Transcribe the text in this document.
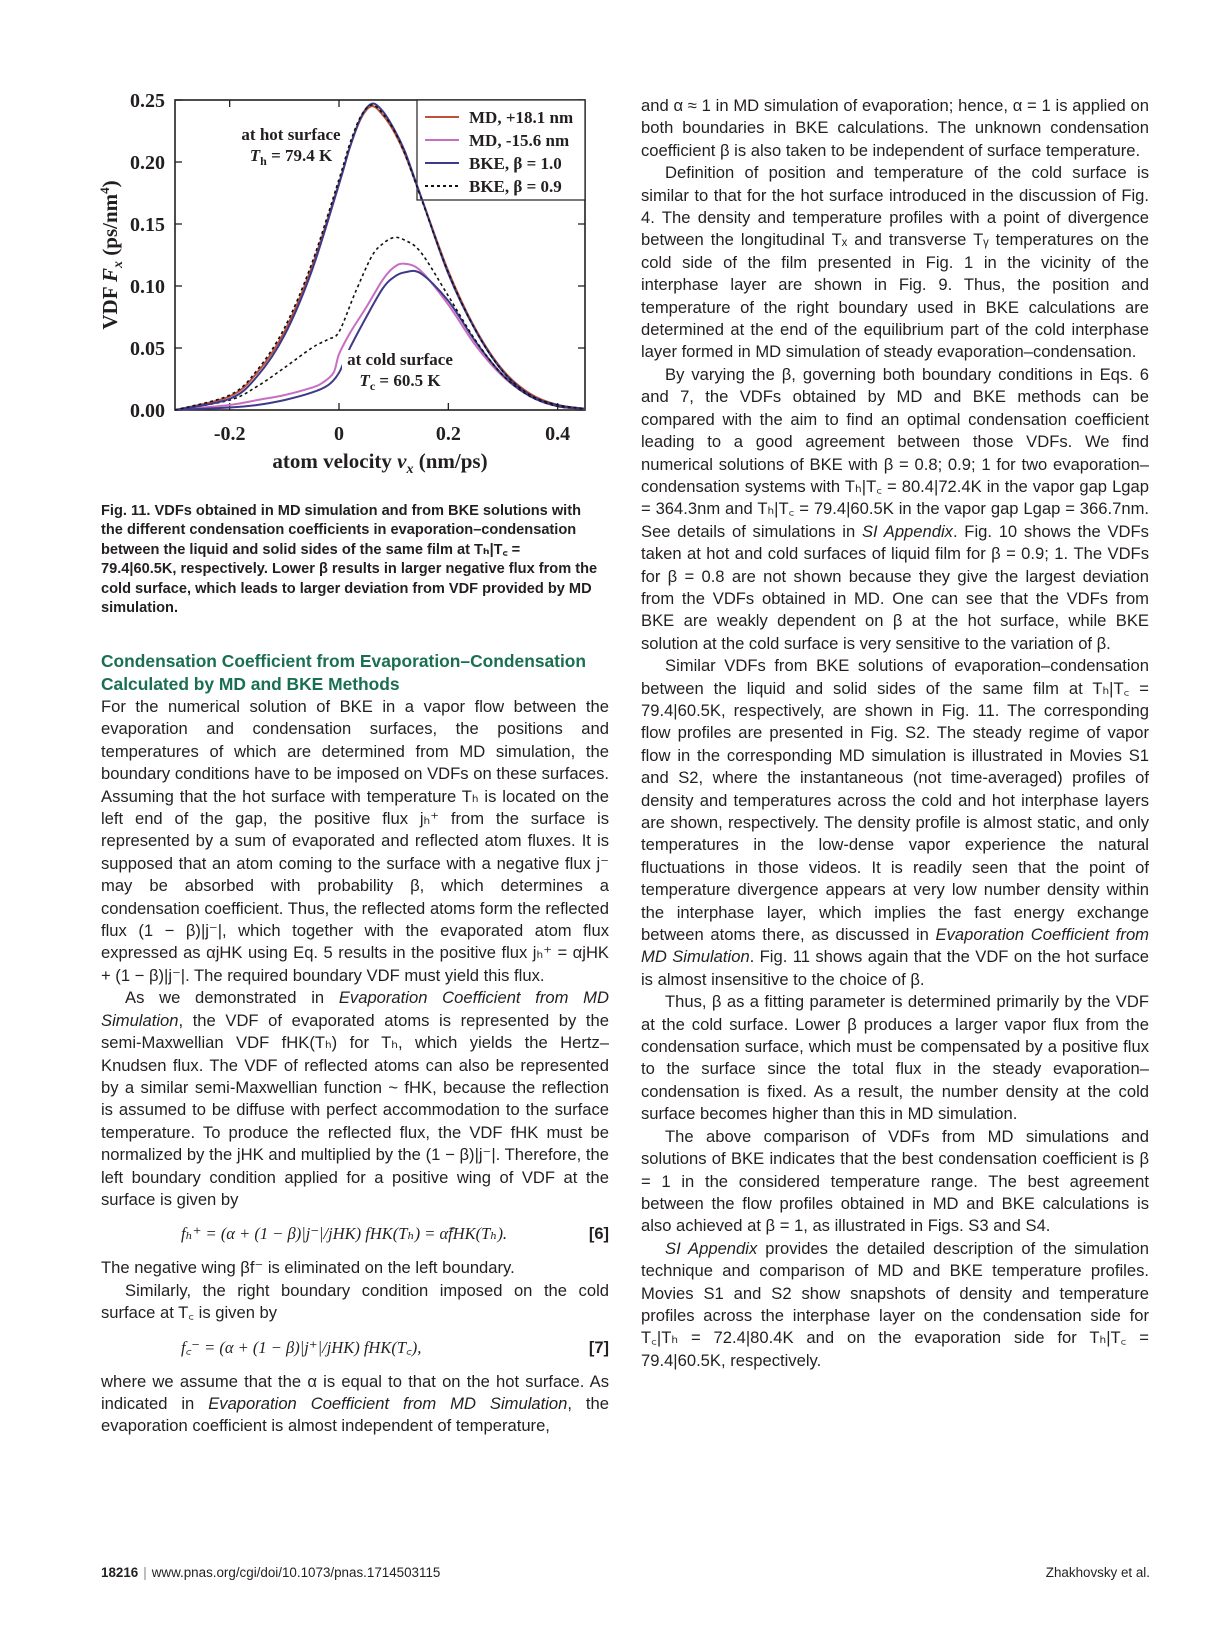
0.00
0.05
0.10
0.15
0.20
0.25
-0.2	0	0.2	0.4
atom velocity $v_x$ (nm/ps)
VDF $F_x$ $(ps/nm^4)$
MD, +18.1 nm
MD, -15.6 nm
BKE, β = 1.0
BKE, β = 0.9
at hot surface
$T_h = 79.4$ K
at cold surface
$T_c = 60.5$ K
Fig. 11. VDFs obtained in MD simulation and from BKE solutions with the different condensation coefficients in evaporation–condensation between the liquid and solid sides of the same film at Tₕ|T꜀ = 79.4|60.5K, respectively. Lower β results in larger negative flux from the cold surface, which leads to larger deviation from VDF provided by MD simulation.

Condensation Coefficient from Evaporation–Condensation Calculated by MD and BKE Methods

For the numerical solution of BKE in a vapor flow between the evaporation and condensation surfaces, the positions and temperatures of which are determined from MD simulation, the boundary conditions have to be imposed on VDFs on these surfaces. Assuming that the hot surface with temperature Tₕ is located on the left end of the gap, the positive flux jₕ⁺ from the surface is represented by a sum of evaporated and reflected atom fluxes. It is supposed that an atom coming to the surface with a negative flux j⁻ may be absorbed with probability β, which determines a condensation coefficient. Thus, the reflected atoms form the reflected flux (1 − β)|j⁻|, which together with the evaporated atom flux expressed as αjHK using Eq. 5 results in the positive flux jₕ⁺ = αjHK + (1 − β)|j⁻|. The required boundary VDF must yield this flux.

As we demonstrated in Evaporation Coefficient from MD Simulation, the VDF of evaporated atoms is represented by the semi-Maxwellian VDF fHK(Tₕ) for Tₕ, which yields the Hertz–Knudsen flux. The VDF of reflected atoms can also be represented by a similar semi-Maxwellian function ~ fHK, because the reflection is assumed to be diffuse with perfect accommodation to the surface temperature. To produce the reflected flux, the VDF fHK must be normalized by the jHK and multiplied by the (1 − β)|j⁻|. Therefore, the left boundary condition applied for a positive wing of VDF at the surface is given by

fₕ⁺ = (α + (1 − β)|j⁻|/jHK) fHK(Tₕ) = α̃fHK(Tₕ).	[6]

The negative wing βf⁻ is eliminated on the left boundary.

Similarly, the right boundary condition imposed on the cold surface at T꜀ is given by

f꜀⁻ = (α + (1 − β)|j⁺|/jHK) fHK(T꜀),	[7]

where we assume that the α is equal to that on the hot surface. As indicated in Evaporation Coefficient from MD Simulation, the evaporation coefficient is almost independent of temperature,

and α ≈ 1 in MD simulation of evaporation; hence, α = 1 is applied on both boundaries in BKE calculations. The unknown condensation coefficient β is also taken to be independent of surface temperature.

Definition of position and temperature of the cold surface is similar to that for the hot surface introduced in the discussion of Fig. 4. The density and temperature profiles with a point of divergence between the longitudinal Tₓ and transverse Tᵧ temperatures on the cold side of the film presented in Fig. 1 in the vicinity of the interphase layer are shown in Fig. 9. Thus, the position and temperature of the right boundary used in BKE calculations are determined at the end of the equilibrium part of the cold interphase layer formed in MD simulation of steady evaporation–condensation.

By varying the β, governing both boundary conditions in Eqs. 6 and 7, the VDFs obtained by MD and BKE methods can be compared with the aim to find an optimal condensation coefficient leading to a good agreement between those VDFs. We find numerical solutions of BKE with β = 0.8; 0.9; 1 for two evaporation–condensation systems with Tₕ|T꜀ = 80.4|72.4K in the vapor gap Lgap = 364.3nm and Tₕ|T꜀ = 79.4|60.5K in the vapor gap Lgap = 366.7nm. See details of simulations in SI Appendix. Fig. 10 shows the VDFs taken at hot and cold surfaces of liquid film for β = 0.9; 1. The VDFs for β = 0.8 are not shown because they give the largest deviation from the VDFs obtained in MD. One can see that the VDFs from BKE are weakly dependent on β at the hot surface, while BKE solution at the cold surface is very sensitive to the variation of β.

Similar VDFs from BKE solutions of evaporation–condensation between the liquid and solid sides of the same film at Tₕ|T꜀ = 79.4|60.5K, respectively, are shown in Fig. 11. The corresponding flow profiles are presented in Fig. S2. The steady regime of vapor flow in the corresponding MD simulation is illustrated in Movies S1 and S2, where the instantaneous (not time-averaged) profiles of density and temperatures across the cold and hot interphase layers are shown, respectively. The density profile is almost static, and only temperatures in the low-dense vapor experience the natural fluctuations in those videos. It is readily seen that the point of temperature divergence appears at very low number density within the interphase layer, which implies the fast energy exchange between atoms there, as discussed in Evaporation Coefficient from MD Simulation. Fig. 11 shows again that the VDF on the hot surface is almost insensitive to the choice of β.

Thus, β as a fitting parameter is determined primarily by the VDF at the cold surface. Lower β produces a larger vapor flux from the condensation surface, which must be compensated by a positive flux to the surface since the total flux in the steady evaporation–condensation is fixed. As a result, the number density at the cold surface becomes higher than this in MD simulation.

The above comparison of VDFs from MD simulations and solutions of BKE indicates that the best condensation coefficient is β = 1 in the considered temperature range. The best agreement between the flow profiles obtained in MD and BKE calculations is also achieved at β = 1, as illustrated in Figs. S3 and S4.

SI Appendix provides the detailed description of the simulation technique and comparison of MD and BKE temperature profiles. Movies S1 and S2 show snapshots of density and temperature profiles across the interphase layer on the condensation side for T꜀|Tₕ = 72.4|80.4K and on the evaporation side for Tₕ|T꜀ = 79.4|60.5K, respectively.

18216 | www.pnas.org/cgi/doi/10.1073/pnas.1714503115	Zhakhovsky et al.
